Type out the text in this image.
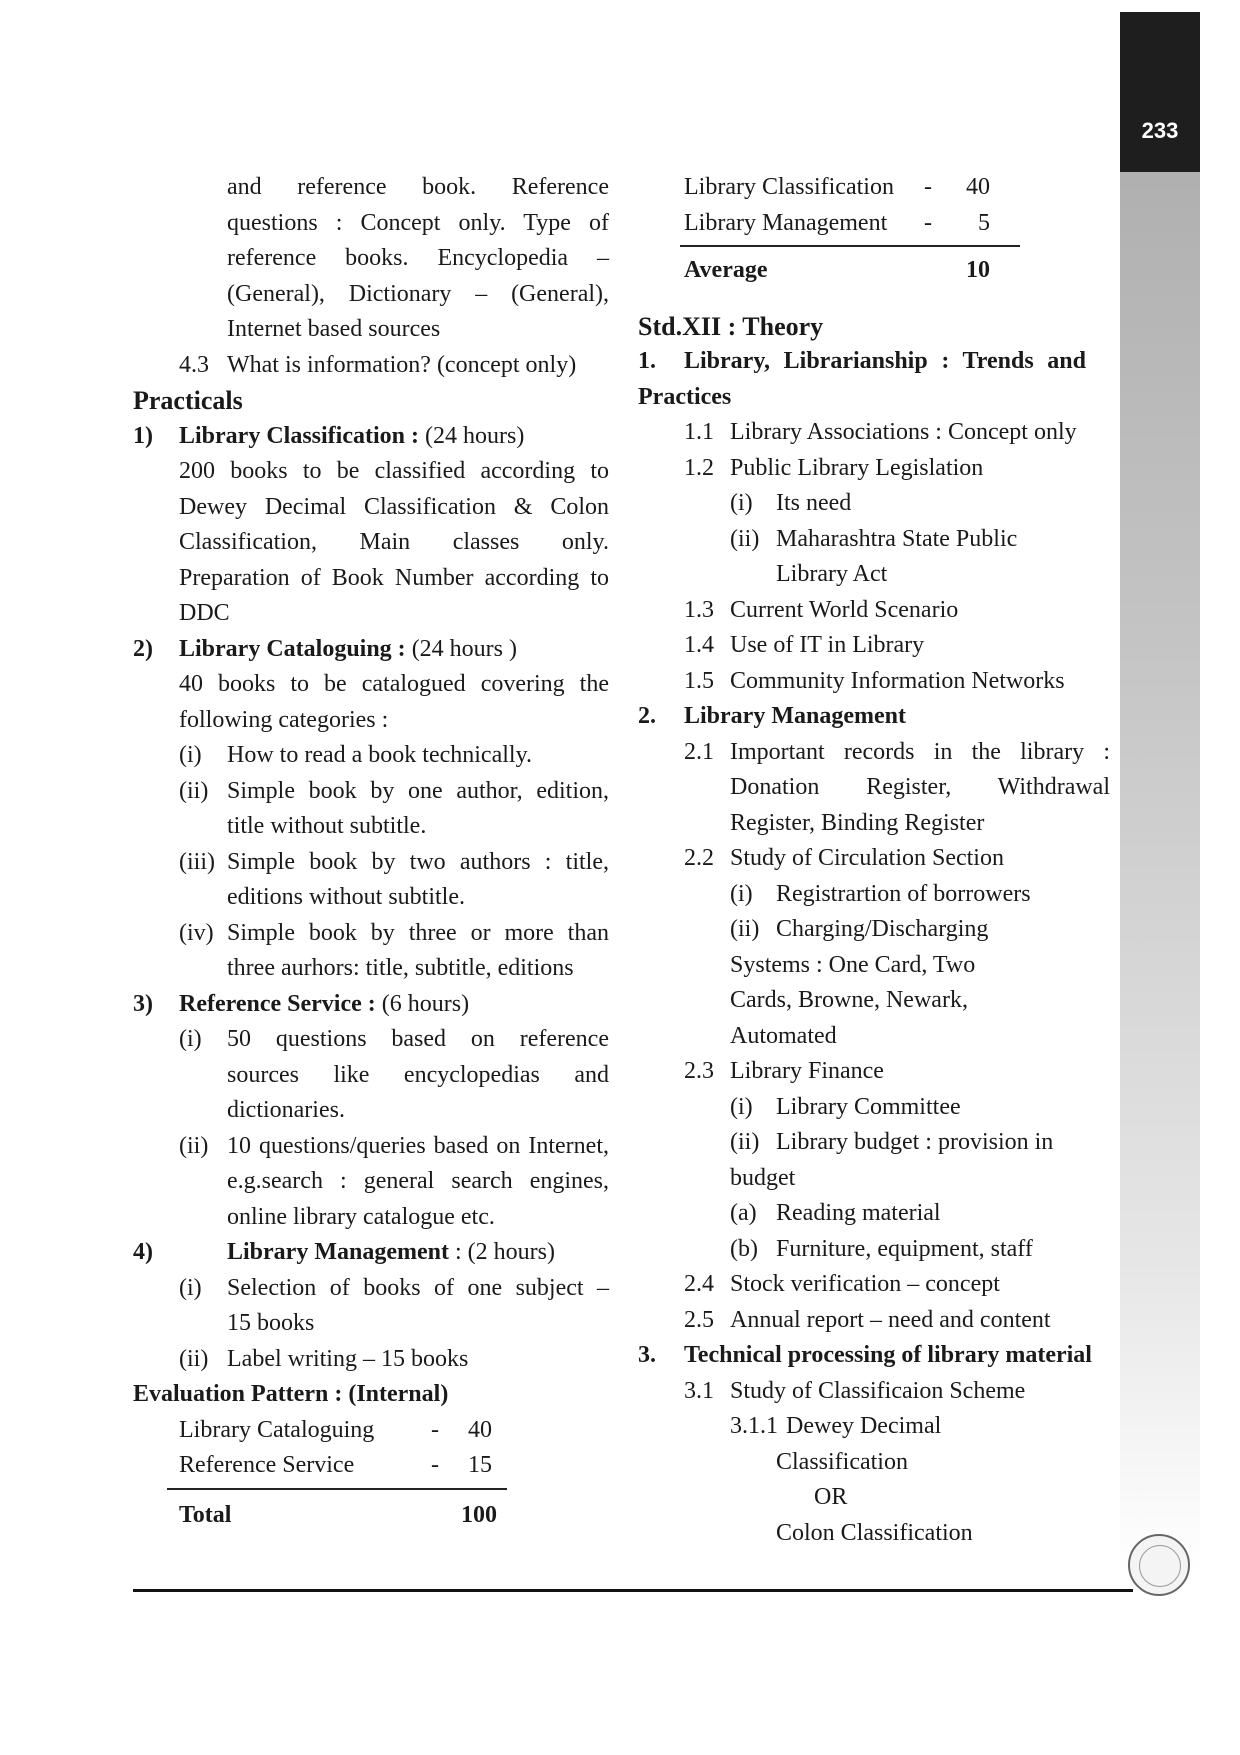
233
and reference book. Reference
questions : Concept only. Type of
reference books. Encyclopedia –
(General), Dictionary – (General),
Internet based sources
4.3 What is information? (concept only)
Practicals
1) Library Classification : (24 hours)
200 books to be classified according to
Dewey Decimal Classification & Colon
Classification, Main classes only.
Preparation of Book Number according to
DDC
2) Library Cataloguing : (24 hours )
40 books to be catalogued covering the
following categories :
(i) How to read a book technically.
(ii) Simple book by one author, edition,
title without subtitle.
(iii) Simple book by two authors : title,
editions without subtitle.
(iv) Simple book by three or more than
three aurhors: title, subtitle, editions
3) Reference Service : (6 hours)
(i) 50 questions based on reference
sources like encyclopedias and
dictionaries.
(ii) 10 questions/queries based on Internet,
e.g.search : general search engines,
online library catalogue etc.
4)	Library Management : (2 hours)
(i) Selection of books of one subject –
15 books
(ii) Label writing – 15 books
Evaluation Pattern : (Internal)
Library Cataloguing - 40
Reference Service	- 15
Total	100
Library Classification - 40
Library Management - 5
Average	10
Std.XII : Theory
1. Library, Librarianship : Trends and
Practices
1.1 Library Associations : Concept only
1.2 Public Library Legislation
(i) Its need
(ii) Maharashtra State Public
Library Act
1.3 Current World Scenario
1.4 Use of IT in Library
1.5 Community Information Networks
2. Library Management
2.1 Important records in the library :
Donation Register, Withdrawal
Register, Binding Register
2.2 Study of Circulation Section
(i) Registrartion of borrowers
(ii) Charging/Discharging
Systems : One Card, Two
Cards, Browne, Newark,
Automated
2.3 Library Finance
(i) Library Committee
(ii) Library budget : provision in
budget
(a) Reading material
(b) Furniture, equipment, staff
2.4 Stock verification – concept
2.5 Annual report – need and content
3. Technical processing of library material
3.1 Study of Classificaion Scheme
3.1.1 Dewey Decimal
Classification
OR
Colon Classification
